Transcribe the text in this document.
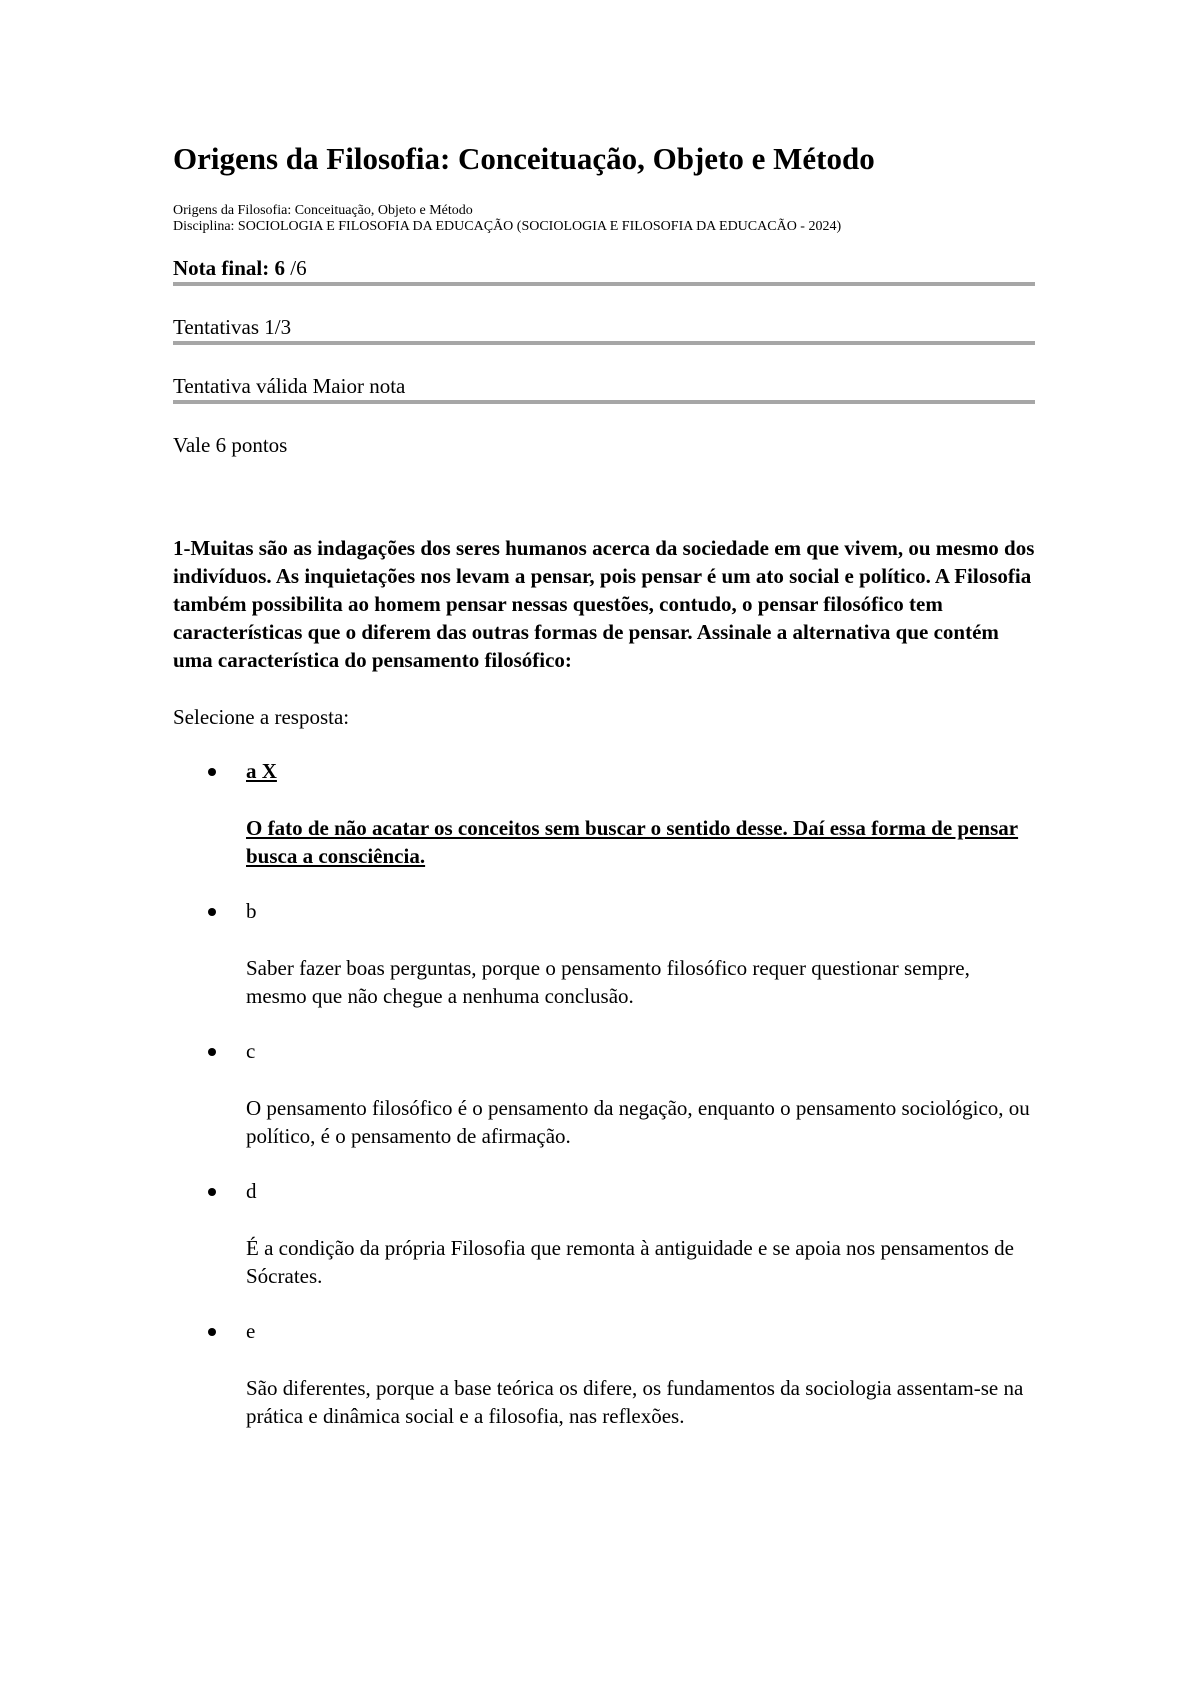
Origens da Filosofia: Conceituação, Objeto e Método
Origens da Filosofia: Conceituação, Objeto e Método
Disciplina: SOCIOLOGIA E FILOSOFIA DA EDUCAÇÃO (SOCIOLOGIA E FILOSOFIA DA EDUCACÃO - 2024)
Nota final: 6 /6
Tentativas 1/3
Tentativa válida Maior nota
Vale 6 pontos
1-Muitas são as indagações dos seres humanos acerca da sociedade em que vivem, ou mesmo dos indivíduos. As inquietações nos levam a pensar, pois pensar é um ato social e político. A Filosofia também possibilita ao homem pensar nessas questões, contudo, o pensar filosófico tem características que o diferem das outras formas de pensar. Assinale a alternativa que contém uma característica do pensamento filosófico:
Selecione a resposta:
a X
O fato de não acatar os conceitos sem buscar o sentido desse. Daí essa forma de pensar busca a consciência.
b
Saber fazer boas perguntas, porque o pensamento filosófico requer questionar sempre, mesmo que não chegue a nenhuma conclusão.
c
O pensamento filosófico é o pensamento da negação, enquanto o pensamento sociológico, ou político, é o pensamento de afirmação.
d
É a condição da própria Filosofia que remonta à antiguidade e se apoia nos pensamentos de Sócrates.
e
São diferentes, porque a base teórica os difere, os fundamentos da sociologia assentam-se na prática e dinâmica social e a filosofia, nas reflexões.
